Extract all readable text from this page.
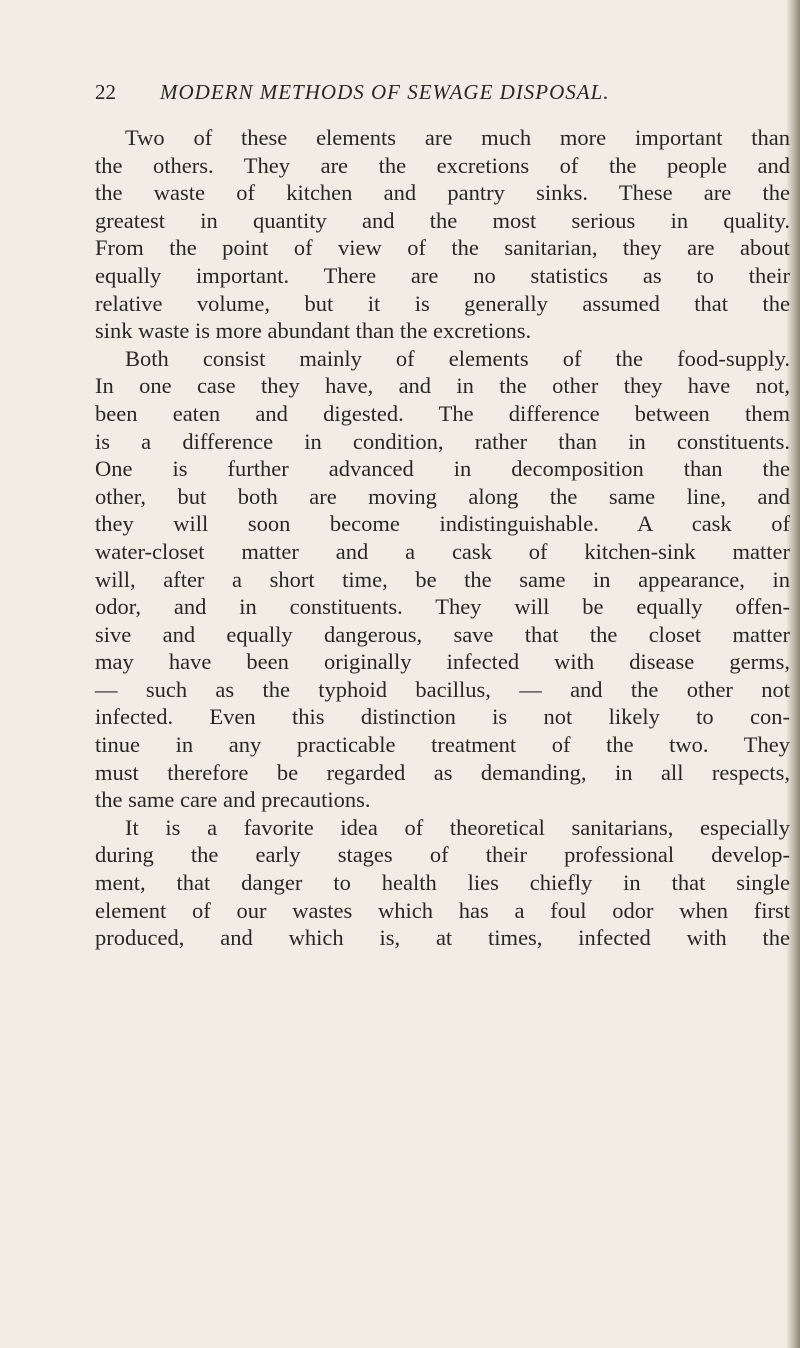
22 MODERN METHODS OF SEWAGE DISPOSAL.
Two of these elements are much more important than
the others. They are the excretions of the people and
the waste of kitchen and pantry sinks. These are the
greatest in quantity and the most serious in quality.
From the point of view of the sanitarian, they are about
equally important. There are no statistics as to their
relative volume, but it is generally assumed that the
sink waste is more abundant than the excretions.
Both consist mainly of elements of the food-supply.
In one case they have, and in the other they have not,
been eaten and digested. The difference between them
is a difference in condition, rather than in constituents.
One is further advanced in decomposition than the
other, but both are moving along the same line, and
they will soon become indistinguishable. A cask of
water-closet matter and a cask of kitchen-sink matter
will, after a short time, be the same in appearance, in
odor, and in constituents. They will be equally offen-
sive and equally dangerous, save that the closet matter
may have been originally infected with disease germs,
— such as the typhoid bacillus, — and the other not
infected. Even this distinction is not likely to con-
tinue in any practicable treatment of the two. They
must therefore be regarded as demanding, in all respects,
the same care and precautions.
It is a favorite idea of theoretical sanitarians, especially
during the early stages of their professional develop-
ment, that danger to health lies chiefly in that single
element of our wastes which has a foul odor when first
produced, and which is, at times, infected with the
